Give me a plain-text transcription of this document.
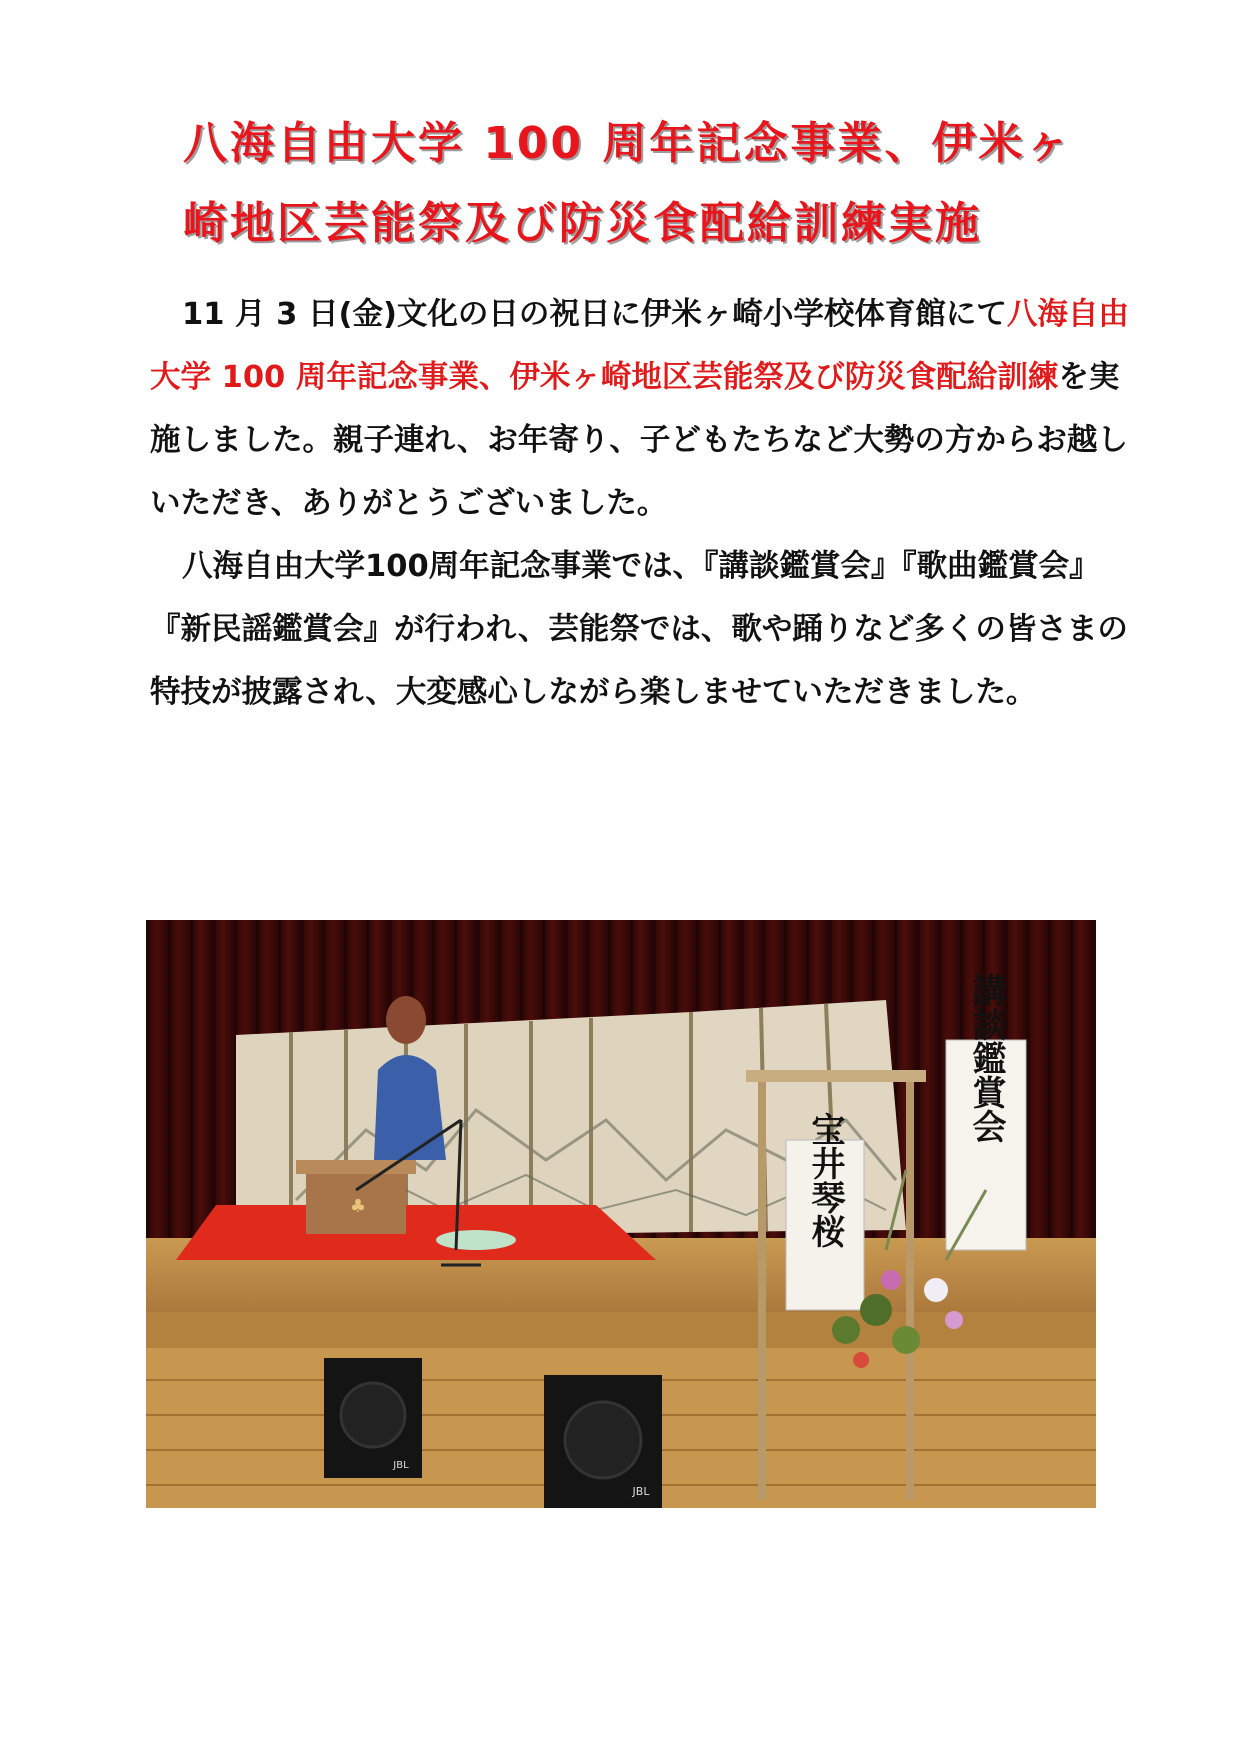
八海自由大学 100 周年記念事業、伊米ヶ
崎地区芸能祭及び防災食配給訓練実施

11 月 3 日(金)文化の日の祝日に伊米ヶ崎小学校体育館にて八海自由大学 100 周年記念事業、伊米ヶ崎地区芸能祭及び防災食配給訓練を実施しました。親子連れ、お年寄り、子どもたちなど大勢の方からお越しいただき、ありがとうございました。

八海自由大学100周年記念事業では、『講談鑑賞会』『歌曲鑑賞会』『新民謡鑑賞会』が行われ、芸能祭では、歌や踊りなど多くの皆さまの特技が披露され、大変感心しながら楽しませていただきました。

♣	宝井琴桜
講談鑑賞会
JBL
JBL
